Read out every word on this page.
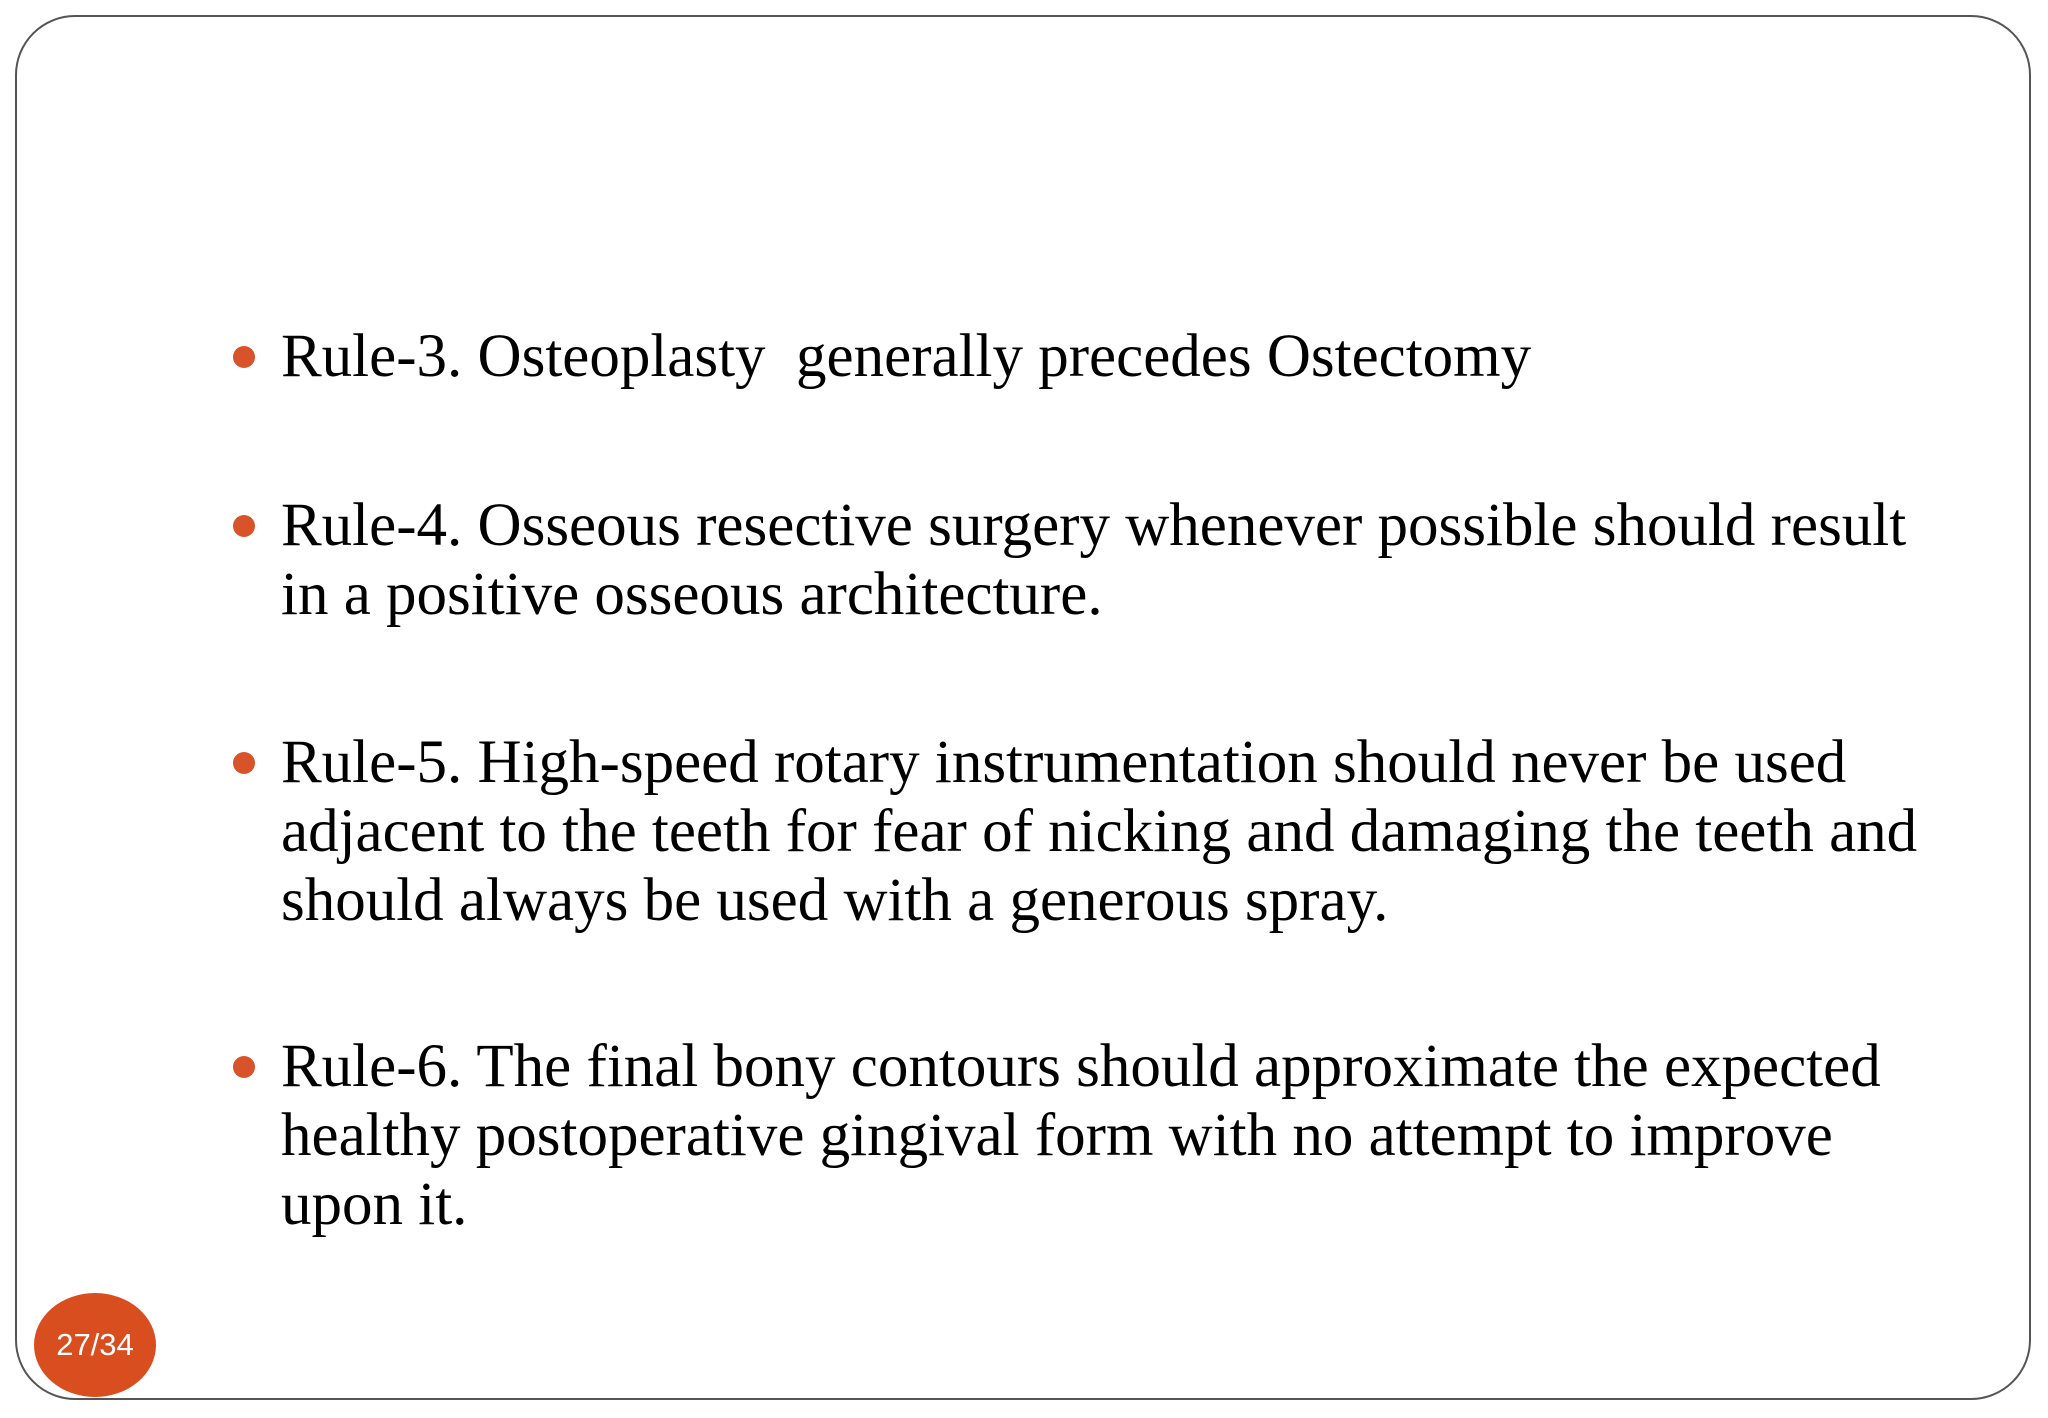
Rule-3. Osteoplasty  generally precedes Ostectomy
Rule-4. Osseous resective surgery whenever possible should result in a positive osseous architecture.
Rule-5. High-speed rotary instrumentation should never be used adjacent to the teeth for fear of nicking and damaging the teeth and should always be used with a generous spray.
Rule-6. The final bony contours should approximate the expected healthy postoperative gingival form with no attempt to improve upon it.
27/34
